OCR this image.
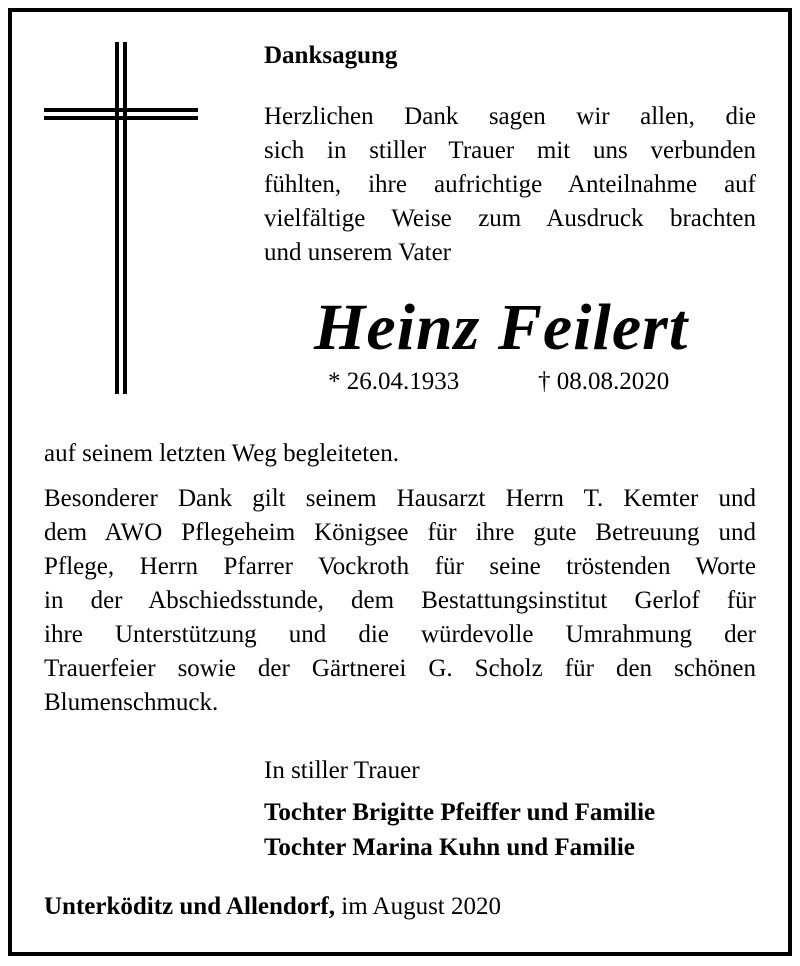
Danksagung

Herzlichen Dank sagen wir allen, die
sich in stiller Trauer mit uns verbunden
fühlten, ihre aufrichtige Anteilnahme auf
vielfältige Weise zum Ausdruck brachten
und unserem Vater

Heinz Feilert
* 26.04.1933	† 08.08.2020
auf seinem letzten Weg begleiteten.

Besonderer Dank gilt seinem Hausarzt Herrn T. Kemter und
dem AWO Pflegeheim Königsee für ihre gute Betreuung und
Pflege, Herrn Pfarrer Vockroth für seine tröstenden Worte
in der Abschiedsstunde, dem Bestattungsinstitut Gerlof für
ihre Unterstützung und die würdevolle Umrahmung der
Trauerfeier sowie der Gärtnerei G. Scholz für den schönen
Blumenschmuck.

In stiller Trauer
Tochter Brigitte Pfeiffer und Familie
Tochter Marina Kuhn und Familie
Unterköditz und Allendorf, im August 2020
